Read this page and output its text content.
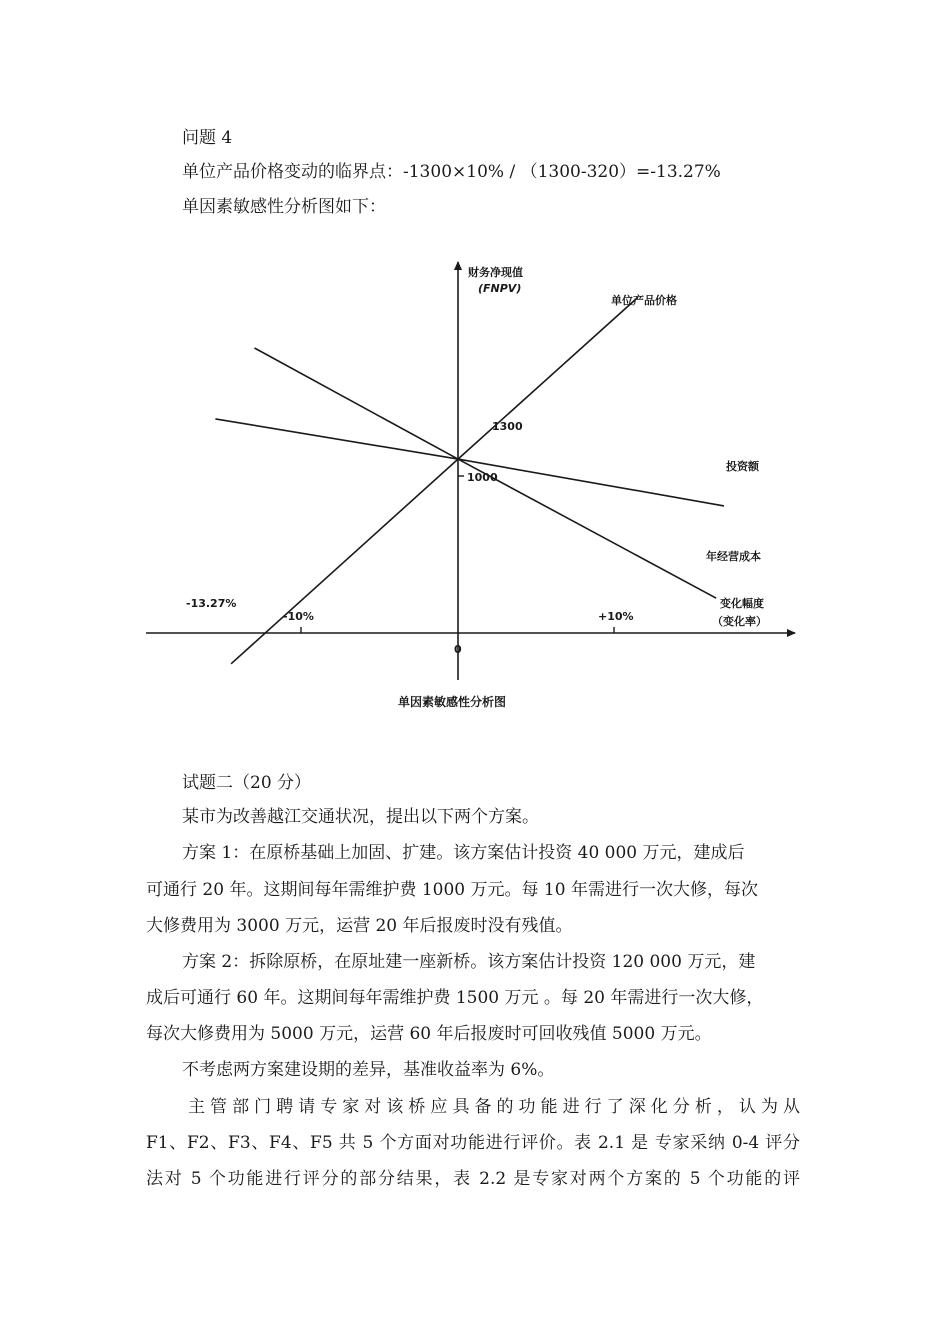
问题 4
单位产品价格变动的临界点：-1300×10% / （1300-320）=-13.27%
单因素敏感性分析图如下：
财务净现值
(FNPV)
变化幅度
（变化率）
单位产品价格
投资额
年经营成本
1300
1000
-13.27%
-10%
0
+10%
单因素敏感性分析图
试题二（20 分）
某市为改善越江交通状况，提出以下两个方案。
方案 1：在原桥基础上加固、扩建。该方案估计投资 40 000 万元，建成后
可通行 20 年。这期间每年需维护费 1000 万元。每 10 年需进行一次大修，每次
大修费用为 3000 万元，运营 20 年后报废时没有残值。
方案 2：拆除原桥，在原址建一座新桥。该方案估计投资 120 000 万元，建
成后可通行 60 年。这期间每年需维护费 1500 万元 。每 20 年需进行一次大修，
每次大修费用为 5000 万元，运营 60 年后报废时可回收残值 5000 万元。
不考虑两方案建设期的差异，基准收益率为 6%。
主管部门聘请专家对该桥应具备的功能进行了深化分析，认为从
F1、F2、F3、F4、F5 共 5 个方面对功能进行评价。表 2.1 是 专家采纳 0-4 评分
法对 5 个功能进行评分的部分结果，表 2.2 是专家对两个方案的 5 个功能的评
